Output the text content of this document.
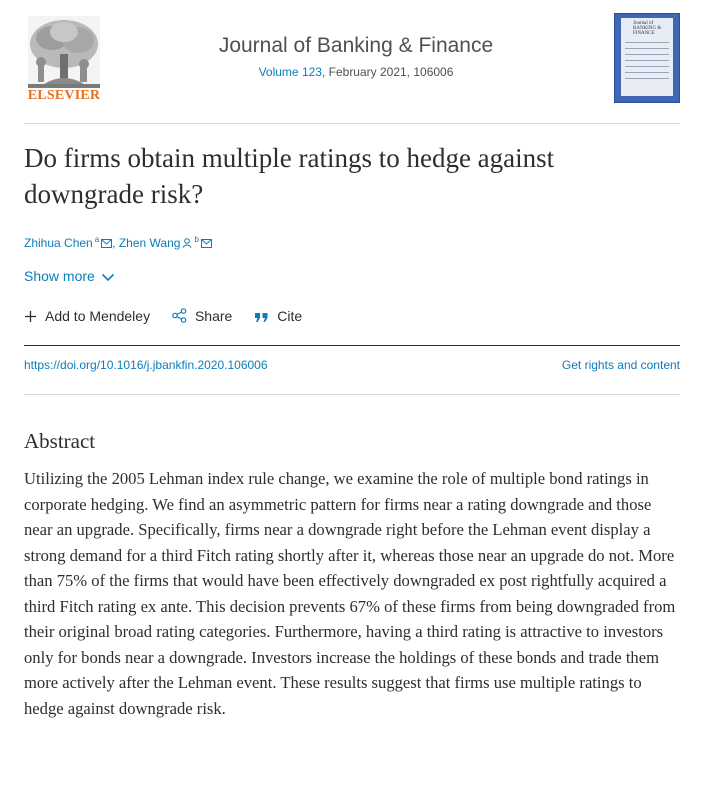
ELSEVIER
Journal of Banking & Finance
Volume 123, February 2021, 106006
Journal of BANKING & FINANCE
Do firms obtain multiple ratings to hedge against downgrade risk?
Zhihua Chen $^a$ , Zhen Wang $^b$
Show more
Add to Mendeley	Share	Cite
https://doi.org/10.1016/j.jbankfin.2020.106006	Get rights and content
Abstract

Utilizing the 2005 Lehman index rule change, we examine the role of multiple bond ratings in corporate hedging. We find an asymmetric pattern for firms near a rating downgrade and those near an upgrade. Specifically, firms near a downgrade right before the Lehman event display a strong demand for a third Fitch rating shortly after it, whereas those near an upgrade do not. More than 75% of the firms that would have been effectively downgraded ex post rightfully acquired a third Fitch rating ex ante. This decision prevents 67% of these firms from being downgraded from their original broad rating categories. Furthermore, having a third rating is attractive to investors only for bonds near a downgrade. Investors increase the holdings of these bonds and trade them more actively after the Lehman event. These results suggest that firms use multiple ratings to hedge against downgrade risk.
